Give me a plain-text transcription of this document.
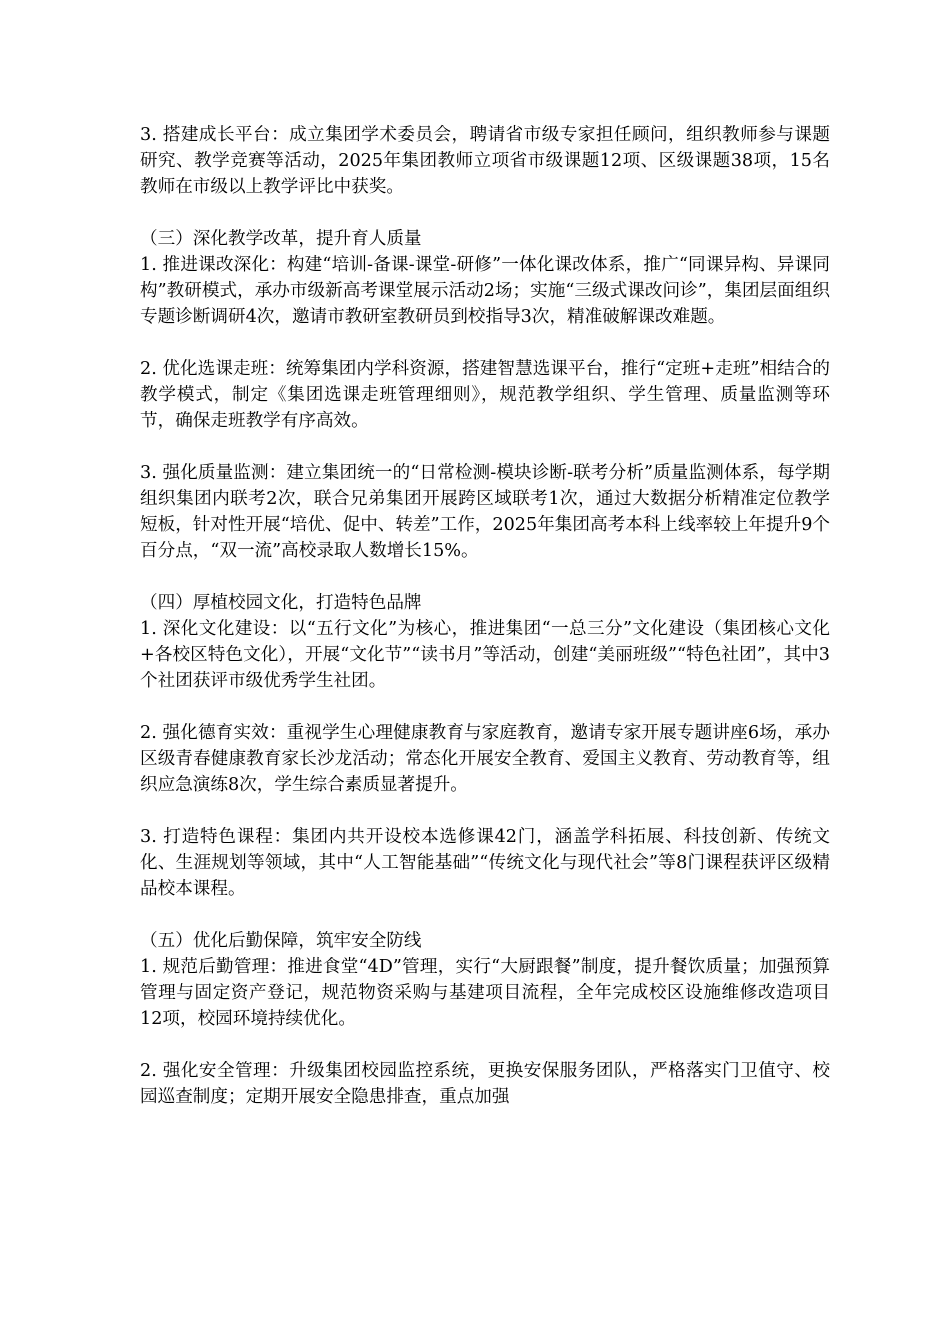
3. 搭建成长平台：成立集团学术委员会，聘请省市级专家担任顾问，组织教师参与课题研究、教学竞赛等活动，2025年集团教师立项省市级课题12项、区级课题38项，15名教师在市级以上教学评比中获奖。

（三）深化教学改革，提升育人质量

1. 推进课改深化：构建“培训-备课-课堂-研修”一体化课改体系，推广“同课异构、异课同构”教研模式，承办市级新高考课堂展示活动2场；实施“三级式课改问诊”，集团层面组织专题诊断调研4次，邀请市教研室教研员到校指导3次，精准破解课改难题。

2. 优化选课走班：统筹集团内学科资源，搭建智慧选课平台，推行“定班+走班”相结合的教学模式，制定《集团选课走班管理细则》，规范教学组织、学生管理、质量监测等环节，确保走班教学有序高效。

3. 强化质量监测：建立集团统一的“日常检测-模块诊断-联考分析”质量监测体系，每学期组织集团内联考2次，联合兄弟集团开展跨区域联考1次，通过大数据分析精准定位教学短板，针对性开展“培优、促中、转差”工作，2025年集团高考本科上线率较上年提升9个百分点，“双一流”高校录取人数增长15%。

（四）厚植校园文化，打造特色品牌

1. 深化文化建设：以“五行文化”为核心，推进集团“一总三分”文化建设（集团核心文化+各校区特色文化），开展“文化节”“读书月”等活动，创建“美丽班级”“特色社团”，其中3个社团获评市级优秀学生社团。

2. 强化德育实效：重视学生心理健康教育与家庭教育，邀请专家开展专题讲座6场，承办区级青春健康教育家长沙龙活动；常态化开展安全教育、爱国主义教育、劳动教育等，组织应急演练8次，学生综合素质显著提升。

3. 打造特色课程：集团内共开设校本选修课42门，涵盖学科拓展、科技创新、传统文化、生涯规划等领域，其中“人工智能基础”“传统文化与现代社会”等8门课程获评区级精品校本课程。

（五）优化后勤保障，筑牢安全防线

1. 规范后勤管理：推进食堂“4D”管理，实行“大厨跟餐”制度，提升餐饮质量；加强预算管理与固定资产登记，规范物资采购与基建项目流程，全年完成校区设施维修改造项目12项，校园环境持续优化。

2. 强化安全管理：升级集团校园监控系统，更换安保服务团队，严格落实门卫值守、校园巡查制度；定期开展安全隐患排查，重点加强
